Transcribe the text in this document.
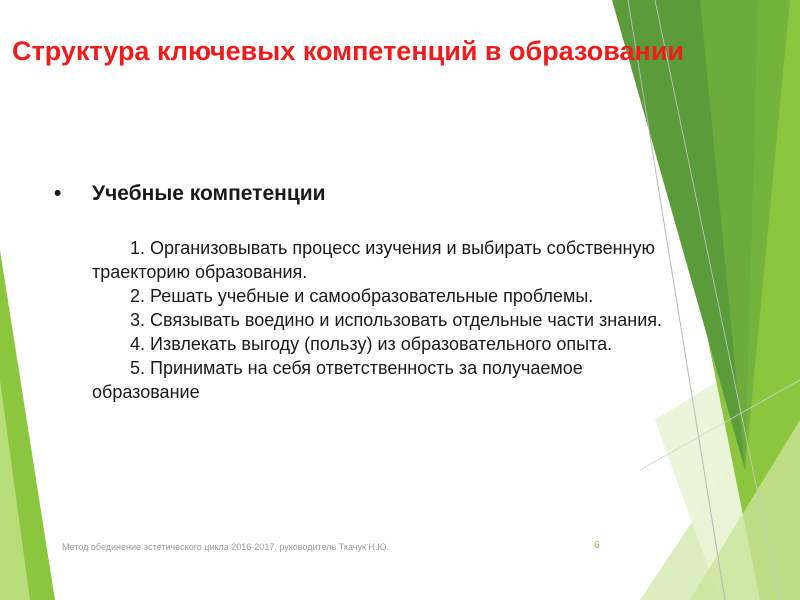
Структура ключевых компетенций в образовании
• Учебные компетенции

1. Организовывать процесс изучения и выбирать собственную траекторию образования.

2. Решать учебные и самообразовательные проблемы.

3. Связывать воедино и использовать отдельные части знания.

4. Извлекать выгоду (пользу) из образовательного опыта.

5. Принимать на себя ответственность за получаемое образование

Метод обединение эстетического цикла 2016-2017. руководитель Ткачук Н.Ю.	6
